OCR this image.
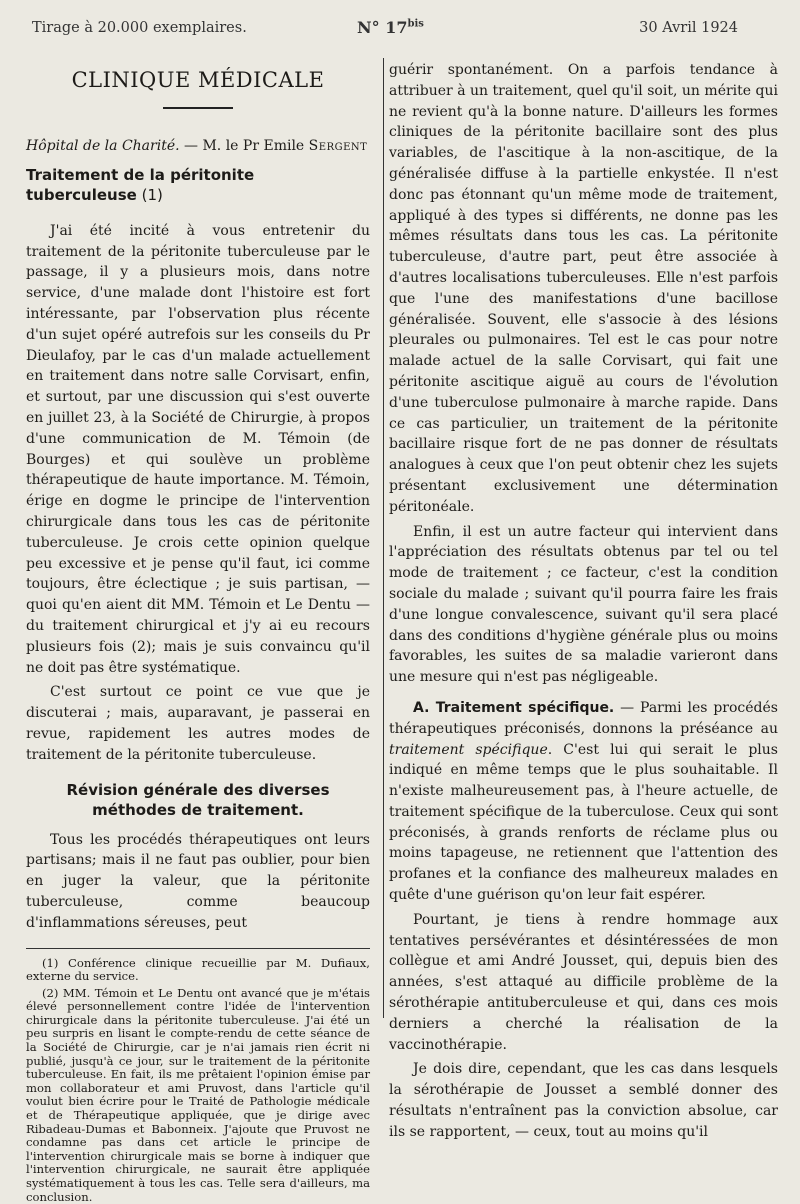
Tirage à 20.000 exemplaires.	N° $17^{bis}$	30 Avril 1924
CLINIQUE MÉDICALE
Hôpital de la Charité. — M. le Pr Emile Sergent
Traitement de la péritonite tuberculeuse (1)

J'ai été incité à vous entretenir du traitement de la péritonite tuberculeuse par le passage, il y a plusieurs mois, dans notre service, d'une malade dont l'histoire est fort intéressante, par l'observation plus récente d'un sujet opéré autrefois sur les conseils du Pr Dieulafoy, par le cas d'un malade actuellement en traitement dans notre salle Corvisart, enfin, et surtout, par une discussion qui s'est ouverte en juillet 23, à la Société de Chirurgie, à propos d'une communication de M. Témoin (de Bourges) et qui soulève un problème thérapeutique de haute importance. M. Témoin, érige en dogme le principe de l'intervention chirurgicale dans tous les cas de péritonite tuberculeuse. Je crois cette opinion quelque peu excessive et je pense qu'il faut, ici comme toujours, être éclectique ; je suis partisan, — quoi qu'en aient dit MM. Témoin et Le Dentu — du traitement chirurgical et j'y ai eu recours plusieurs fois (2); mais je suis convaincu qu'il ne doit pas être systématique.

C'est surtout ce point ce vue que je discuterai ; mais, auparavant, je passerai en revue, rapidement les autres modes de traitement de la péritonite tuberculeuse.

Révision générale des diverses méthodes de traitement.

Tous les procédés thérapeutiques ont leurs partisans; mais il ne faut pas oublier, pour bien en juger la valeur, que la péritonite tuberculeuse, comme beaucoup d'inflammations séreuses, peut

(1) Conférence clinique recueillie par M. Dufiaux, externe du service.

(2) MM. Témoin et Le Dentu ont avancé que je m'étais élevé personnellement contre l'idée de l'intervention chirurgicale dans la péritonite tuberculeuse. J'ai été un peu surpris en lisant le compte-rendu de cette séance de la Société de Chirurgie, car je n'ai jamais rien écrit ni publié, jusqu'à ce jour, sur le traitement de la péritonite tuberculeuse. En fait, ils me prêtaient l'opinion émise par mon collaborateur et ami Pruvost, dans l'article qu'il voulut bien écrire pour le Traité de Pathologie médicale et de Thérapeutique appliquée, que je dirige avec Ribadeau-Dumas et Babonneix. J'ajoute que Pruvost ne condamne pas dans cet article le principe de l'intervention chirurgicale mais se borne à indiquer que l'intervention chirurgicale, ne saurait être appliquée systématiquement à tous les cas. Telle sera d'ailleurs, ma conclusion.

guérir spontanément. On a parfois tendance à attribuer à un traitement, quel qu'il soit, un mérite qui ne revient qu'à la bonne nature. D'ailleurs les formes cliniques de la péritonite bacillaire sont des plus variables, de l'ascitique à la non-ascitique, de la généralisée diffuse à la partielle enkystée. Il n'est donc pas étonnant qu'un même mode de traitement, appliqué à des types si différents, ne donne pas les mêmes résultats dans tous les cas. La péritonite tuberculeuse, d'autre part, peut être associée à d'autres localisations tuberculeuses. Elle n'est parfois que l'une des manifestations d'une bacillose généralisée. Souvent, elle s'associe à des lésions pleurales ou pulmonaires. Tel est le cas pour notre malade actuel de la salle Corvisart, qui fait une péritonite ascitique aiguë au cours de l'évolution d'une tuberculose pulmonaire à marche rapide. Dans ce cas particulier, un traitement de la péritonite bacillaire risque fort de ne pas donner de résultats analogues à ceux que l'on peut obtenir chez les sujets présentant exclusivement une détermination péritonéale.

Enfin, il est un autre facteur qui intervient dans l'appréciation des résultats obtenus par tel ou tel mode de traitement ; ce facteur, c'est la condition sociale du malade ; suivant qu'il pourra faire les frais d'une longue convalescence, suivant qu'il sera placé dans des conditions d'hygiène générale plus ou moins favorables, les suites de sa maladie varieront dans une mesure qui n'est pas négligeable.

A. Traitement spécifique. — Parmi les procédés thérapeutiques préconisés, donnons la préséance au traitement spécifique. C'est lui qui serait le plus indiqué en même temps que le plus souhaitable. Il n'existe malheureusement pas, à l'heure actuelle, de traitement spécifique de la tuberculose. Ceux qui sont préconisés, à grands renforts de réclame plus ou moins tapageuse, ne retiennent que l'attention des profanes et la confiance des malheureux malades en quête d'une guérison qu'on leur fait espérer.

Pourtant, je tiens à rendre hommage aux tentatives persévérantes et désintéressées de mon collègue et ami André Jousset, qui, depuis bien des années, s'est attaqué au difficile problème de la sérothérapie antituberculeuse et qui, dans ces mois derniers a cherché la réalisation de la vaccinothérapie.

Je dois dire, cependant, que les cas dans lesquels la sérothérapie de Jousset a semblé donner des résultats n'entraînent pas la conviction absolue, car ils se rapportent, — ceux, tout au moins qu'il
